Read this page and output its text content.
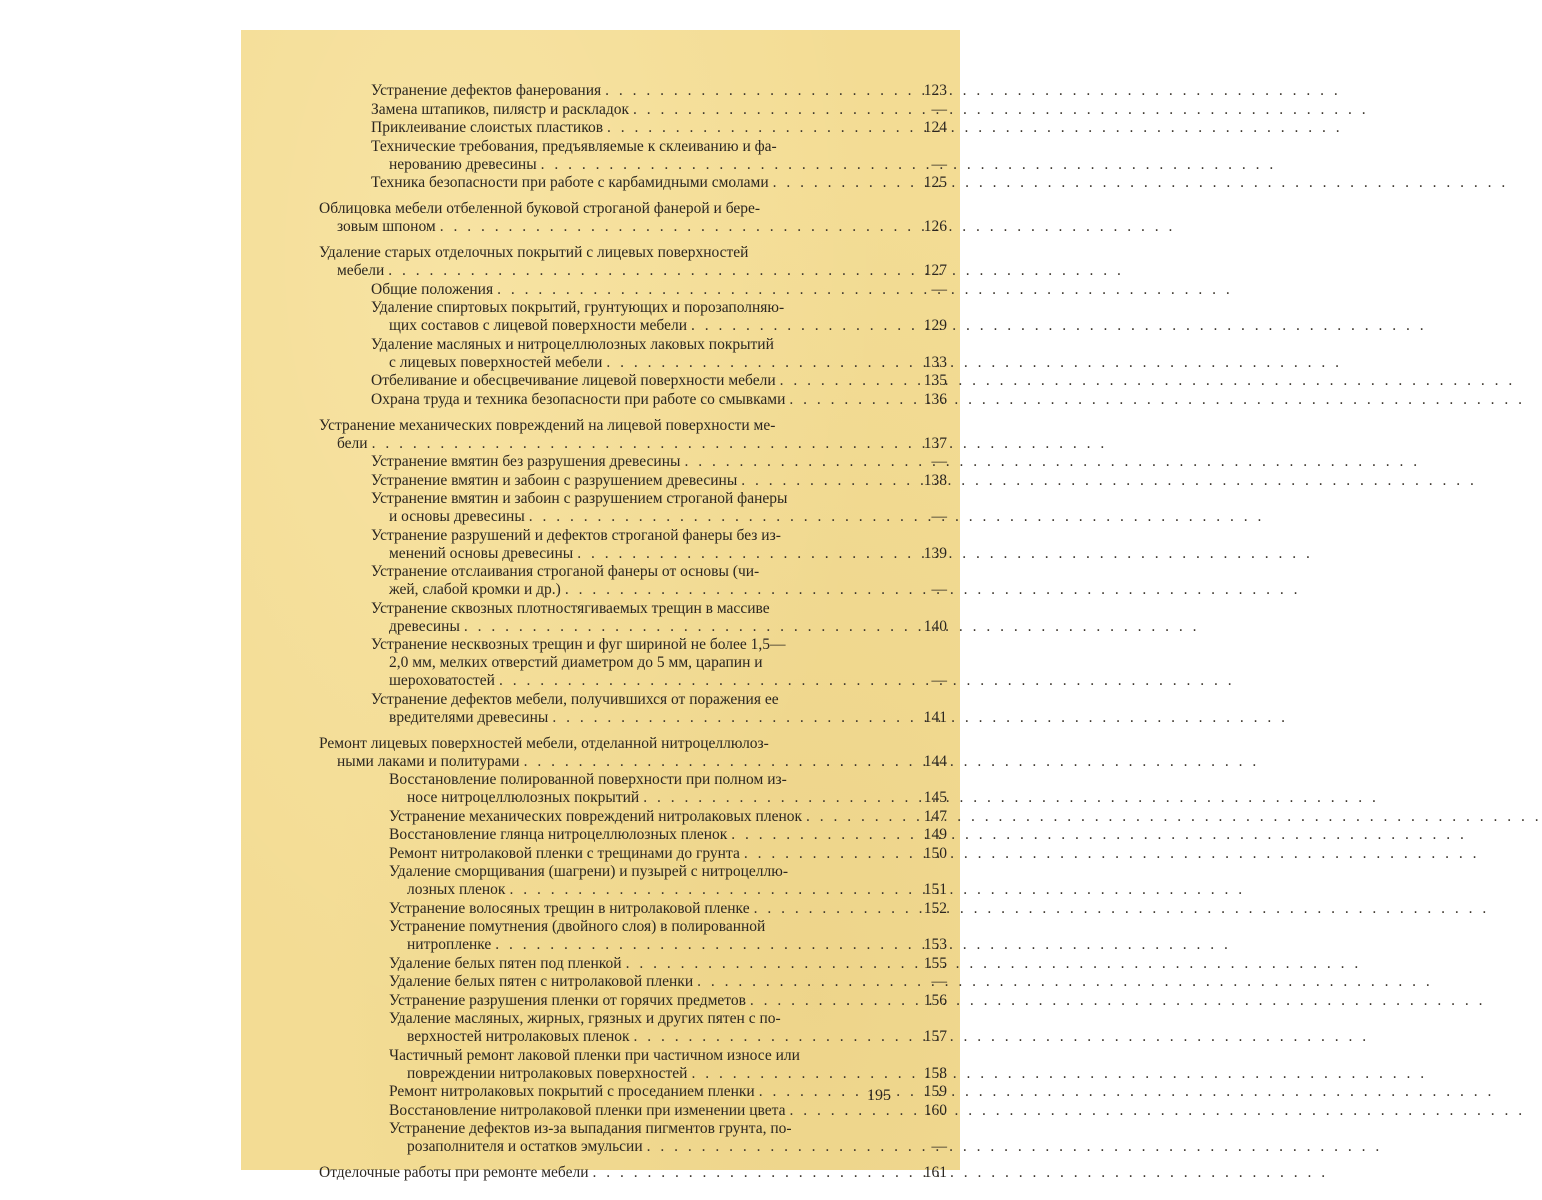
Устранение дефектов фанерования . . .	123
Замена штапиков, пилястр и раскладок . . .	—
Приклеивание слоистых пластиков . . .	124
Технические требования, предъявляемые к склеиванию и фа-
нерованию древесины . . .	—
Техника безопасности при работе с карбамидными смолами . . .	125
Облицовка мебели отбеленной буковой строганой фанерой и бере-
зовым шпоном . . .	126
Удаление старых отделочных покрытий с лицевых поверхностей
мебели . . .	127
Общие положения . . .	—
Удаление спиртовых покрытий, грунтующих и порозаполняю-
щих составов с лицевой поверхности мебели . . .	129
Удаление масляных и нитроцеллюлозных лаковых покрытий
с лицевых поверхностей мебели . . .	133
Отбеливание и обесцвечивание лицевой поверхности мебели . . .	135
Охрана труда и техника безопасности при работе со смывками . . .	136
Устранение механических повреждений на лицевой поверхности ме-
бели . . .	137
Устранение вмятин без разрушения древесины . . .	—
Устранение вмятин и забоин с разрушением древесины . . .	138
Устранение вмятин и забоин с разрушением строганой фанеры
и основы древесины . . .	—
Устранение разрушений и дефектов строганой фанеры без из-
менений основы древесины . . .	139
Устранение отслаивания строганой фанеры от основы (чи-
жей, слабой кромки и др.) . . .	—
Устранение сквозных плотностягиваемых трещин в массиве
древесины . . .	140
Устранение несквозных трещин и фуг шириной не более 1,5—
2,0 мм, мелких отверстий диаметром до 5 мм, царапин и
шероховатостей . . .	—
Устранение дефектов мебели, получившихся от поражения ее
вредителями древесины . . .	141
Ремонт лицевых поверхностей мебели, отделанной нитроцеллюлоз-
ными лаками и политурами . . .	144
Восстановление полированной поверхности при полном из-
носе нитроцеллюлозных покрытий . . .	145
Устранение механических повреждений нитролаковых пленок . . .	147
Восстановление глянца нитроцеллюлозных пленок . . .	149
Ремонт нитролаковой пленки с трещинами до грунта . . .	150
Удаление сморщивания (шагрени) и пузырей с нитроцеллю-
лозных пленок . . .	151
Устранение волосяных трещин в нитролаковой пленке . . .	152
Устранение помутнения (двойного слоя) в полированной
нитропленке . . .	153
Удаление белых пятен под пленкой . . .	155
Удаление белых пятен с нитролаковой пленки . . .	—
Устранение разрушения пленки от горячих предметов . . .	156
Удаление масляных, жирных, грязных и других пятен с по-
верхностей нитролаковых пленок . . .	157
Частичный ремонт лаковой пленки при частичном износе или
повреждении нитролаковых поверхностей . . .	158
Ремонт нитролаковых покрытий с проседанием пленки . . .	159
Восстановление нитролаковой пленки при изменении цвета . . .	160
Устранение дефектов из-за выпадания пигментов грунта, по-
розаполнителя и остатков эмульсии . . .	—
Отделочные работы при ремонте мебели . . .	161
195
